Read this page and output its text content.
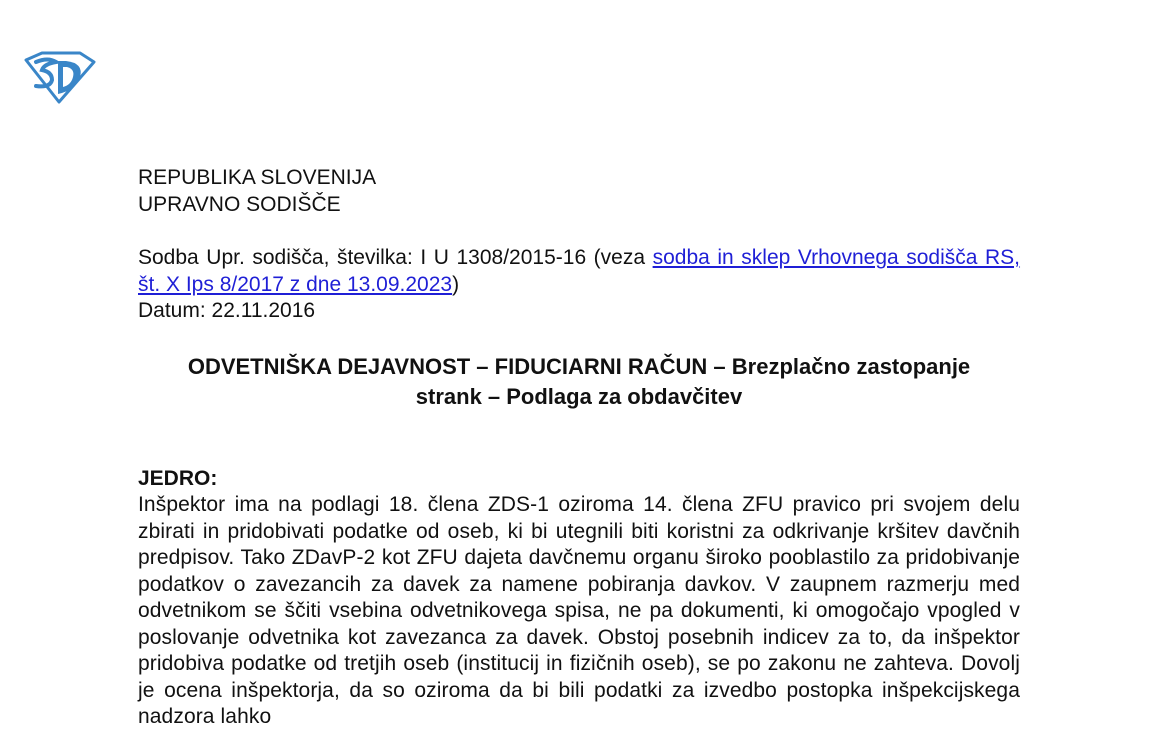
REPUBLIKA SLOVENIJA
UPRAVNO SODIŠČE
Sodba Upr. sodišča, številka: I U 1308/2015-16 (veza sodba in sklep Vrhovnega sodišča RS, št. X Ips 8/2017 z dne 13.09.2023)
Datum: 22.11.2016
ODVETNIŠKA DEJAVNOST – FIDUCIARNI RAČUN – Brezplačno zastopanje strank – Podlaga za obdavčitev
JEDRO:
Inšpektor ima na podlagi 18. člena ZDS-1 oziroma 14. člena ZFU pravico pri svojem delu zbirati in pridobivati podatke od oseb, ki bi utegnili biti koristni za odkrivanje kršitev davčnih predpisov. Tako ZDavP-2 kot ZFU dajeta davčnemu organu široko pooblastilo za pridobivanje podatkov o zavezancih za davek za namene pobiranja davkov. V zaupnem razmerju med odvetnikom se ščiti vsebina odvetnikovega spisa, ne pa dokumenti, ki omogočajo vpogled v poslovanje odvetnika kot zavezanca za davek. Obstoj posebnih indicev za to, da inšpektor pridobiva podatke od tretjih oseb (institucij in fizičnih oseb), se po zakonu ne zahteva. Dovolj je ocena inšpektorja, da so oziroma da bi bili podatki za izvedbo postopka inšpekcijskega nadzora lahko
